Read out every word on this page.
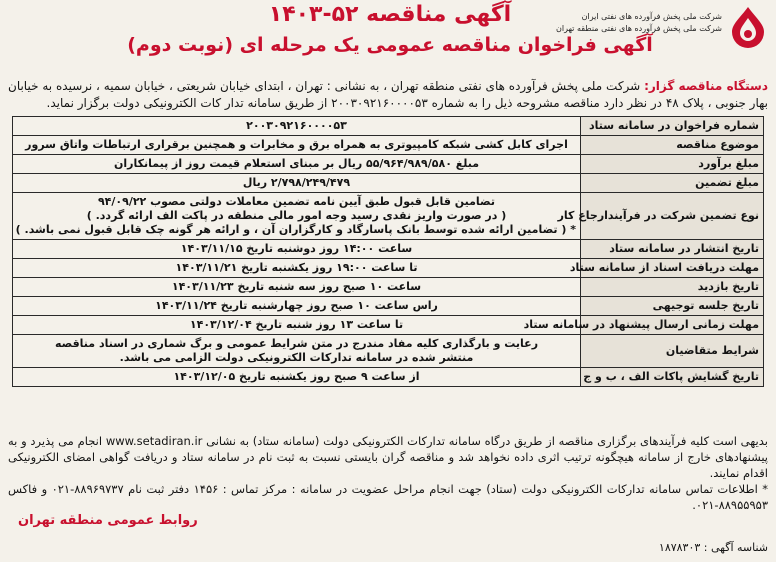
آگهی مناقصه ۵۲-۱۴۰۳
آگهی فراخوان مناقصه عمومی یک مرحله ای (نوبت دوم)
شرکت ملی پخش فرآورده های نفتی ایران
شرکت ملی پخش فرآورده های نفتی منطقه تهران
دستگاه مناقصه گزار: شرکت ملی پخش فرآورده های نفتی منطقه تهران ، به نشانی : تهران ، ابتدای خیابان شریعتی ، خیابان سمیه ، نرسیده به خیابان بهار جنوبی ، پلاک ۴۸ در نظر دارد مناقصه مشروحه ذیل را به شماره ۲۰۰۳۰۹۲۱۶۰۰۰۰۵۳ از طریق سامانه تدار کات الکترونیکی دولت برگزار نماید.
شماره فراخوان در سامانه ستاد	۲۰۰۳۰۹۲۱۶۰۰۰۰۵۳
موضوع مناقصه	اجرای کابل کشی شبکه کامپیوتری به همراه برق و مخابرات و همچنین برقراری ارتباطات واتاق سرور
مبلغ برآورد	مبلغ ۵۵/۹۶۴/۹۸۹/۵۸۰ ریال بر مبنای استعلام قیمت روز از پیمانکاران
مبلغ تضمین	۲/۷۹۸/۲۴۹/۴۷۹ ریال
نوع تضمین شرکت در فرآیندارجاع کار	تضامین قابل قبول طبق آیین نامه تضمین معاملات دولتی مصوب ۹۴/۰۹/۲۲
( در صورت واریز نقدی رسید وجه امور مالی منطقه در پاکت الف ارائه گردد. )
* ( تضامین ارائه شده توسط بانک پاسارگاد و کارگزاران آن ، و ارائه هر گونه چک قابل قبول نمی باشد. )

تاریخ انتشار در سامانه ستاد	ساعت ۱۴:۰۰ روز دوشنبه تاریخ ۱۴۰۳/۱۱/۱۵
مهلت دریافت اسناد از سامانه ستاد	تا ساعت ۱۹:۰۰ روز یکشنبه تاریخ ۱۴۰۳/۱۱/۲۱
تاریخ بازدید	ساعت ۱۰ صبح روز سه شنبه تاریخ ۱۴۰۳/۱۱/۲۳
تاریخ جلسه توجیهی	راس ساعت ۱۰ صبح روز چهارشنبه تاریخ ۱۴۰۳/۱۱/۲۴
مهلت زمانی ارسال پیشنهاد در سامانه ستاد	تا ساعت ۱۳ روز شنبه تاریخ ۱۴۰۳/۱۲/۰۴
شرایط متقاضیان	رعایت و بارگذاری کلیه مفاد مندرج در متن شرایط عمومی و برگ شماری در اسناد مناقصه
منتشر شده در سامانه تدارکات الکترونیکی دولت الزامی می باشد.

تاریخ گشایش پاکات الف ، ب و ج	از ساعت ۹ صبح روز یکشنبه تاریخ ۱۴۰۳/۱۲/۰۵
بدیهی است کلیه فرآیندهای برگزاری مناقصه از طریق درگاه سامانه تدارکات الکترونیکی دولت (سامانه ستاد) به نشانی www.setadiran.ir انجام می پذیرد و به پیشنهادهای خارج از سامانه هیچگونه ترتیب اثری داده نخواهد شد و مناقصه گران بایستی نسبت به ثبت نام در سامانه ستاد و دریافت گواهی امضای الکترونیکی اقدام نمایند.
* اطلاعات تماس سامانه تدارکات الکترونیکی دولت (ستاد) جهت انجام مراحل عضویت در سامانه : مرکز تماس : ۱۴۵۶ دفتر ثبت نام ۸۸۹۶۹۷۳۷-۰۲۱ و فاکس ۸۸۹۵۵۹۵۳-۰۲۱.
روابط عمومی منطقه تهران
شناسه آگهی : ۱۸۷۸۳۰۳
